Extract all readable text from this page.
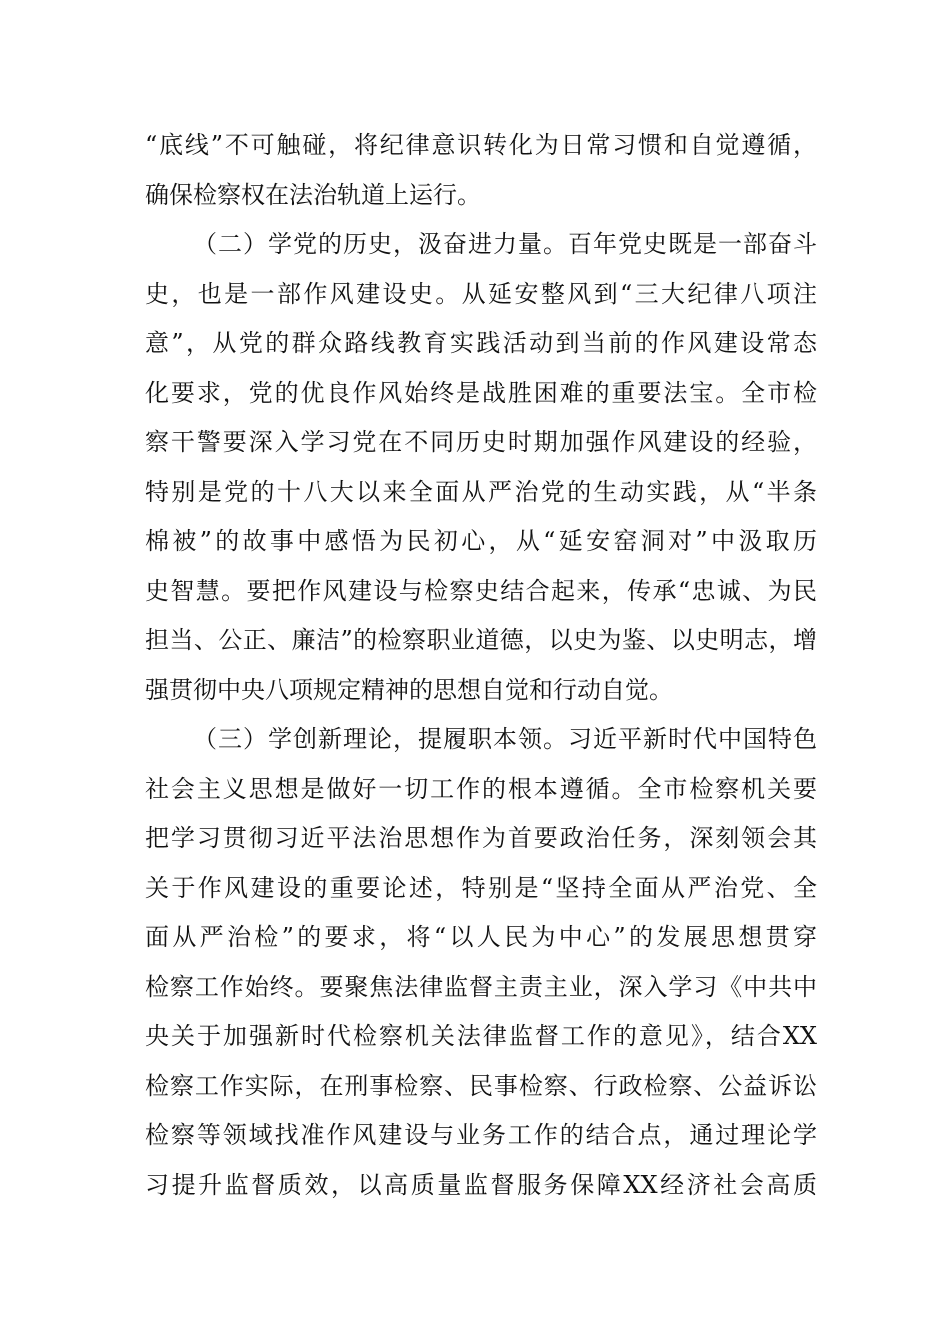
“底线”不可触碰，将纪律意识转化为日常习惯和自觉遵循，
确保检察权在法治轨道上运行。
（二）学党的历史，汲奋进力量。百年党史既是一部奋斗
史，也是一部作风建设史。从延安整风到“三大纪律八项注
意”，从党的群众路线教育实践活动到当前的作风建设常态
化要求，党的优良作风始终是战胜困难的重要法宝。全市检
察干警要深入学习党在不同历史时期加强作风建设的经验，
特别是党的十八大以来全面从严治党的生动实践，从“半条
棉被”的故事中感悟为民初心，从“延安窑洞对”中汲取历
史智慧。要把作风建设与检察史结合起来，传承“忠诚、为民
担当、公正、廉洁”的检察职业道德，以史为鉴、以史明志，增
强贯彻中央八项规定精神的思想自觉和行动自觉。
（三）学创新理论，提履职本领。习近平新时代中国特色
社会主义思想是做好一切工作的根本遵循。全市检察机关要
把学习贯彻习近平法治思想作为首要政治任务，深刻领会其
关于作风建设的重要论述，特别是“坚持全面从严治党、全
面从严治检”的要求，将“以人民为中心”的发展思想贯穿
检察工作始终。要聚焦法律监督主责主业，深入学习《中共中
央关于加强新时代检察机关法律监督工作的意见》，结合XX
检察工作实际，在刑事检察、民事检察、行政检察、公益诉讼
检察等领域找准作风建设与业务工作的结合点，通过理论学
习提升监督质效，以高质量监督服务保障XX经济社会高质
